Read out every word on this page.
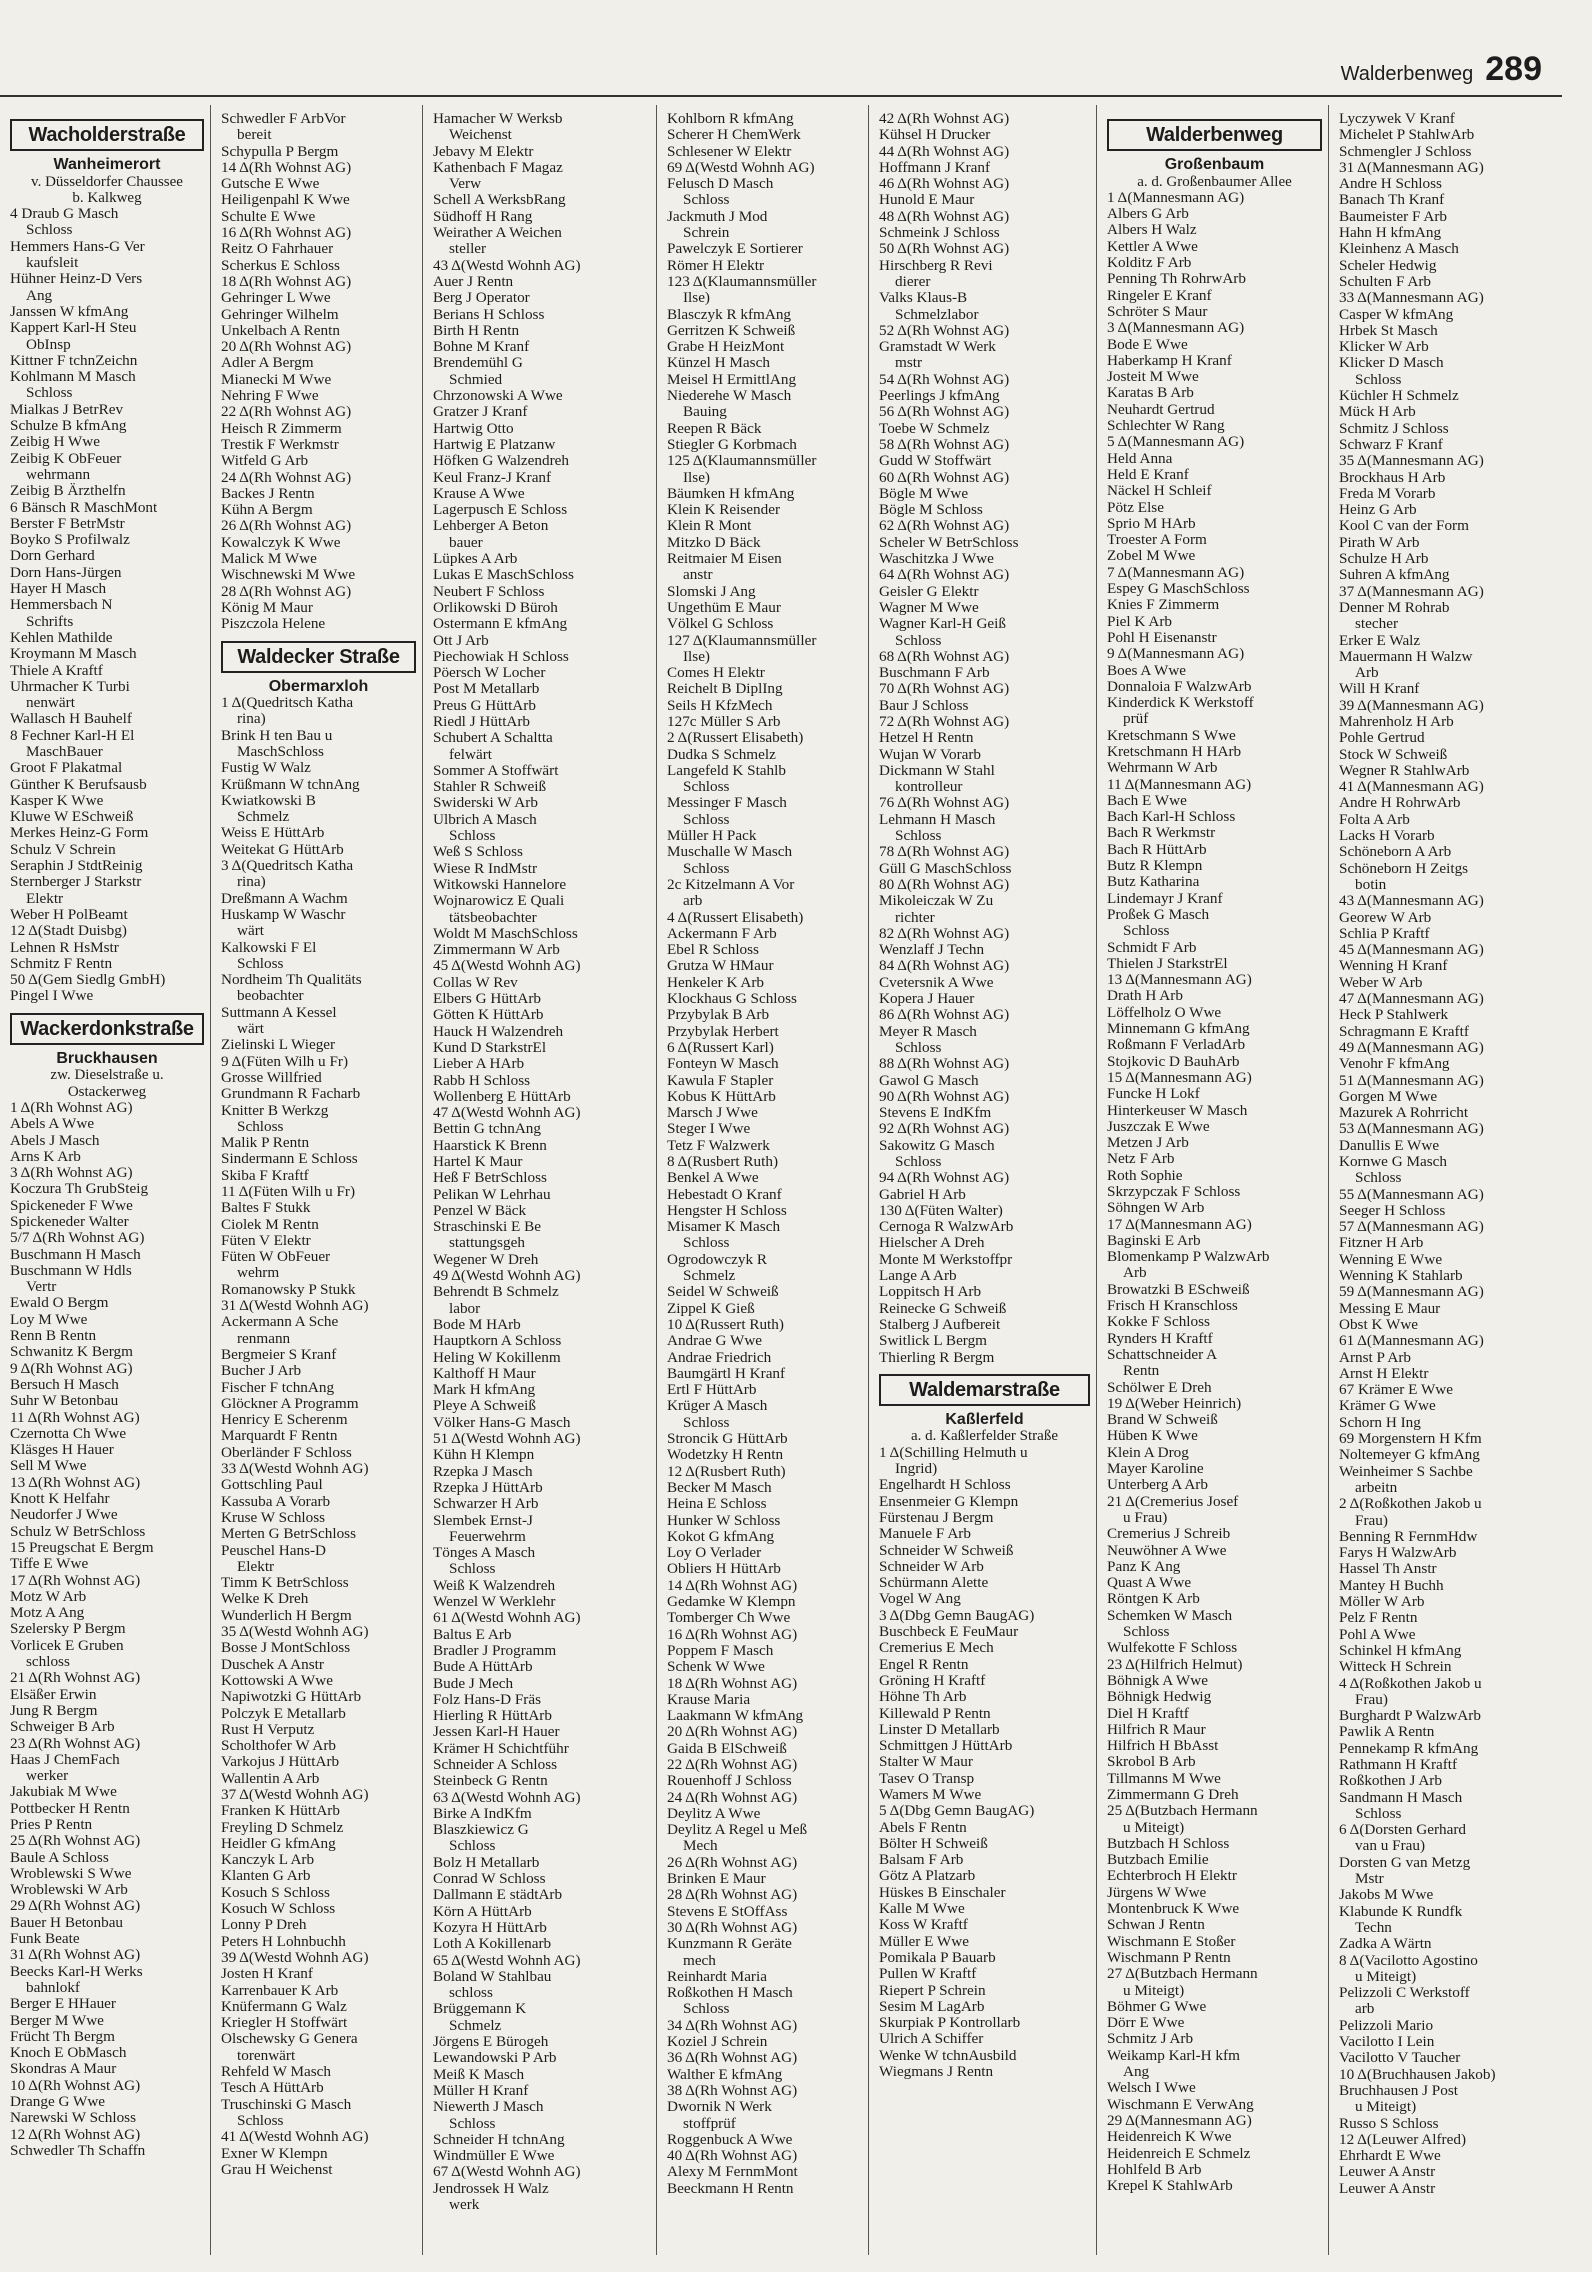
Walderbenweg 289
Wacholderstraße
Wanheimerort
v. Düsseldorfer Chaussee
b. Kalkweg
4 Draub G Masch
Schloss
Hemmers Hans-G Ver
kaufsleit
Hühner Heinz-D Vers
Ang
Janssen W kfmAng
Kappert Karl-H Steu
ObInsp
Kittner F tchnZeichn
Kohlmann M Masch
Schloss
Mialkas J BetrRev
Schulze B kfmAng
Zeibig H Wwe
Zeibig K ObFeuer
wehrmann
Zeibig B Ärzthelfn
6 Bänsch R MaschMont
Berster F BetrMstr
Boyko S Profilwalz
Dorn Gerhard
Dorn Hans-Jürgen
Hayer H Masch
Hemmersbach N
Schrifts
Kehlen Mathilde
Kroymann M Masch
Thiele A Kraftf
Uhrmacher K Turbi
nenwärt
Wallasch H Bauhelf
8 Fechner Karl-H El
MaschBauer
Groot F Plakatmal
Günther K Berufsausb
Kasper K Wwe
Kluwe W ESchweiß
Merkes Heinz-G Form
Schulz V Schrein
Seraphin J StdtReinig
Sternberger J Starkstr
Elektr
Weber H PolBeamt
12 Δ(Stadt Duisbg)
Lehnen R HsMstr
Schmitz F Rentn
50 Δ(Gem Siedlg GmbH)
Pingel I Wwe
Wackerdonkstraße
Bruckhausen
zw. Dieselstraße u.
Ostackerweg
1 Δ(Rh Wohnst AG)
Abels A Wwe
Abels J Masch
Arns K Arb
3 Δ(Rh Wohnst AG)
Koczura Th GrubSteig
Spickeneder F Wwe
Spickeneder Walter
5/7 Δ(Rh Wohnst AG)
Buschmann H Masch
Buschmann W Hdls
Vertr
Ewald O Bergm
Loy M Wwe
Renn B Rentn
Schwanitz K Bergm
9 Δ(Rh Wohnst AG)
Bersuch H Masch
Suhr W Betonbau
11 Δ(Rh Wohnst AG)
Czernotta Ch Wwe
Kläsges H Hauer
Sell M Wwe
13 Δ(Rh Wohnst AG)
Knott K Helfahr
Neudorfer J Wwe
Schulz W BetrSchloss
15 Preugschat E Bergm
Tiffe E Wwe
17 Δ(Rh Wohnst AG)
Motz W Arb
Motz A Ang
Szelersky P Bergm
Vorlicek E Gruben
schloss
21 Δ(Rh Wohnst AG)
Elsäßer Erwin
Jung R Bergm
Schweiger B Arb
23 Δ(Rh Wohnst AG)
Haas J ChemFach
werker
Jakubiak M Wwe
Pottbecker H Rentn
Pries P Rentn
25 Δ(Rh Wohnst AG)
Baule A Schloss
Wroblewski S Wwe
Wroblewski W Arb
29 Δ(Rh Wohnst AG)
Bauer H Betonbau
Funk Beate
31 Δ(Rh Wohnst AG)
Beecks Karl-H Werks
bahnlokf
Berger E HHauer
Berger M Wwe
Frücht Th Bergm
Knoch E ObMasch
Skondras A Maur
10 Δ(Rh Wohnst AG)
Drange G Wwe
Narewski W Schloss
12 Δ(Rh Wohnst AG)
Schwedler Th Schaffn
Schwedler F ArbVor
bereit
Schypulla P Bergm
14 Δ(Rh Wohnst AG)
Gutsche E Wwe
Heiligenpahl K Wwe
Schulte E Wwe
16 Δ(Rh Wohnst AG)
Reitz O Fahrhauer
Scherkus E Schloss
18 Δ(Rh Wohnst AG)
Gehringer L Wwe
Gehringer Wilhelm
Unkelbach A Rentn
20 Δ(Rh Wohnst AG)
Adler A Bergm
Mianecki M Wwe
Nehring F Wwe
22 Δ(Rh Wohnst AG)
Heisch R Zimmerm
Trestik F Werkmstr
Witfeld G Arb
24 Δ(Rh Wohnst AG)
Backes J Rentn
Kühn A Bergm
26 Δ(Rh Wohnst AG)
Kowalczyk K Wwe
Malick M Wwe
Wischnewski M Wwe
28 Δ(Rh Wohnst AG)
König M Maur
Piszczola Helene
Waldecker Straße
Obermarxloh
1 Δ(Quedritsch Katha
rina)
Brink H ten Bau u
MaschSchloss
Fustig W Walz
Krüßmann W tchnAng
Kwiatkowski B
Schmelz
Weiss E HüttArb
Weitekat G HüttArb
3 Δ(Quedritsch Katha
rina)
Dreßmann A Wachm
Huskamp W Waschr
wärt
Kalkowski F El
Schloss
Nordheim Th Qualitäts
beobachter
Suttmann A Kessel
wärt
Zielinski L Wieger
9 Δ(Füten Wilh u Fr)
Grosse Willfried
Grundmann R Facharb
Knitter B Werkzg
Schloss
Malik P Rentn
Sindermann E Schloss
Skiba F Kraftf
11 Δ(Füten Wilh u Fr)
Baltes F Stukk
Ciolek M Rentn
Füten V Elektr
Füten W ObFeuer
wehrm
Romanowsky P Stukk
31 Δ(Westd Wohnh AG)
Ackermann A Sche
renmann
Bergmeier S Kranf
Bucher J Arb
Fischer F tchnAng
Glöckner A Programm
Henricy E Scherenm
Marquardt F Rentn
Oberländer F Schloss
33 Δ(Westd Wohnh AG)
Gottschling Paul
Kassuba A Vorarb
Kruse W Schloss
Merten G BetrSchloss
Peuschel Hans-D
Elektr
Timm K BetrSchloss
Welke K Dreh
Wunderlich H Bergm
35 Δ(Westd Wohnh AG)
Bosse J MontSchloss
Duschek A Anstr
Kottowski A Wwe
Napiwotzki G HüttArb
Polczyk E Metallarb
Rust H Verputz
Scholthofer W Arb
Varkojus J HüttArb
Wallentin A Arb
37 Δ(Westd Wohnh AG)
Franken K HüttArb
Freyling D Schmelz
Heidler G kfmAng
Kanczyk L Arb
Klanten G Arb
Kosuch S Schloss
Kosuch W Schloss
Lonny P Dreh
Peters H Lohnbuchh
39 Δ(Westd Wohnh AG)
Josten H Kranf
Karrenbauer K Arb
Knüfermann G Walz
Kriegler H Stoffwärt
Olschewsky G Genera
torenwärt
Rehfeld W Masch
Tesch A HüttArb
Truschinski G Masch
Schloss
41 Δ(Westd Wohnh AG)
Exner W Klempn
Grau H Weichenst
Hamacher W Werksb
Weichenst
Jebavy M Elektr
Kathenbach F Magaz
Verw
Schell A WerksbRang
Südhoff H Rang
Weirather A Weichen
steller
43 Δ(Westd Wohnh AG)
Auer J Rentn
Berg J Operator
Berians H Schloss
Birth H Rentn
Bohne M Kranf
Brendemühl G
Schmied
Chrzonowski A Wwe
Gratzer J Kranf
Hartwig Otto
Hartwig E Platzanw
Höfken G Walzendreh
Keul Franz-J Kranf
Krause A Wwe
Lagerpusch E Schloss
Lehberger A Beton
bauer
Lüpkes A Arb
Lukas E MaschSchloss
Neubert F Schloss
Orlikowski D Büroh
Ostermann E kfmAng
Ott J Arb
Piechowiak H Schloss
Pöersch W Locher
Post M Metallarb
Preus G HüttArb
Riedl J HüttArb
Schubert A Schaltta
felwärt
Sommer A Stoffwärt
Stahler R Schweiß
Swiderski W Arb
Ulbrich A Masch
Schloss
Weß S Schloss
Wiese R IndMstr
Witkowski Hannelore
Wojnarowicz E Quali
tätsbeobachter
Woldt M MaschSchloss
Zimmermann W Arb
45 Δ(Westd Wohnh AG)
Collas W Rev
Elbers G HüttArb
Götten K HüttArb
Hauck H Walzendreh
Kund D StarkstrEl
Lieber A HArb
Rabb H Schloss
Wollenberg E HüttArb
47 Δ(Westd Wohnh AG)
Bettin G tchnAng
Haarstick K Brenn
Hartel K Maur
Heß F BetrSchloss
Pelikan W Lehrhau
Penzel W Bäck
Straschinski E Be
stattungsgeh
Wegener W Dreh
49 Δ(Westd Wohnh AG)
Behrendt B Schmelz
labor
Bode M HArb
Hauptkorn A Schloss
Heling W Kokillenm
Kalthoff H Maur
Mark H kfmAng
Pleye A Schweiß
Völker Hans-G Masch
51 Δ(Westd Wohnh AG)
Kühn H Klempn
Rzepka J Masch
Rzepka J HüttArb
Schwarzer H Arb
Slembek Ernst-J
Feuerwehrm
Tönges A Masch
Schloss
Weiß K Walzendreh
Wenzel W Werklehr
61 Δ(Westd Wohnh AG)
Baltus E Arb
Bradler J Programm
Bude A HüttArb
Bude J Mech
Folz Hans-D Fräs
Hierling R HüttArb
Jessen Karl-H Hauer
Krämer H Schichtführ
Schneider A Schloss
Steinbeck G Rentn
63 Δ(Westd Wohnh AG)
Birke A IndKfm
Blaszkiewicz G
Schloss
Bolz H Metallarb
Conrad W Schloss
Dallmann E städtArb
Körn A HüttArb
Kozyra H HüttArb
Loth A Kokillenarb
65 Δ(Westd Wohnh AG)
Boland W Stahlbau
schloss
Brüggemann K
Schmelz
Jörgens E Bürogeh
Lewandowski P Arb
Meiß K Masch
Müller H Kranf
Niewerth J Masch
Schloss
Schneider H tchnAng
Windmüller E Wwe
67 Δ(Westd Wohnh AG)
Jendrossek H Walz
werk
Kohlborn R kfmAng
Scherer H ChemWerk
Schlesener W Elektr
69 Δ(Westd Wohnh AG)
Felusch D Masch
Schloss
Jackmuth J Mod
Schrein
Pawelczyk E Sortierer
Römer H Elektr
123 Δ(Klaumannsmüller
Ilse)
Blasczyk R kfmAng
Gerritzen K Schweiß
Grabe H HeizMont
Künzel H Masch
Meisel H ErmittlAng
Niederehe W Masch
Bauing
Reepen R Bäck
Stiegler G Korbmach
125 Δ(Klaumannsmüller
Ilse)
Bäumken H kfmAng
Klein K Reisender
Klein R Mont
Mitzko D Bäck
Reitmaier M Eisen
anstr
Slomski J Ang
Ungethüm E Maur
Völkel G Schloss
127 Δ(Klaumannsmüller
Ilse)
Comes H Elektr
Reichelt B DiplIng
Seils H KfzMech
127c Müller S Arb
2 Δ(Russert Elisabeth)
Dudka S Schmelz
Langefeld K Stahlb
Schloss
Messinger F Masch
Schloss
Müller H Pack
Muschalle W Masch
Schloss
2c Kitzelmann A Vor
arb
4 Δ(Russert Elisabeth)
Ackermann F Arb
Ebel R Schloss
Grutza W HMaur
Henkeler K Arb
Klockhaus G Schloss
Przybylak B Arb
Przybylak Herbert
6 Δ(Russert Karl)
Fonteyn W Masch
Kawula F Stapler
Kobus K HüttArb
Marsch J Wwe
Steger I Wwe
Tetz F Walzwerk
8 Δ(Rusbert Ruth)
Benkel A Wwe
Hebestadt O Kranf
Hengster H Schloss
Misamer K Masch
Schloss
Ogrodowczyk R
Schmelz
Seidel W Schweiß
Zippel K Gieß
10 Δ(Russert Ruth)
Andrae G Wwe
Andrae Friedrich
Baumgärtl H Kranf
Ertl F HüttArb
Krüger A Masch
Schloss
Stroncik G HüttArb
Wodetzky H Rentn
12 Δ(Rusbert Ruth)
Becker M Masch
Heina E Schloss
Hunker W Schloss
Kokot G kfmAng
Loy O Verlader
Obliers H HüttArb
14 Δ(Rh Wohnst AG)
Gedamke W Klempn
Tomberger Ch Wwe
16 Δ(Rh Wohnst AG)
Poppem F Masch
Schenk W Wwe
18 Δ(Rh Wohnst AG)
Krause Maria
Laakmann W kfmAng
20 Δ(Rh Wohnst AG)
Gaida B ElSchweiß
22 Δ(Rh Wohnst AG)
Rouenhoff J Schloss
24 Δ(Rh Wohnst AG)
Deylitz A Wwe
Deylitz A Regel u Meß
Mech
26 Δ(Rh Wohnst AG)
Brinken E Maur
28 Δ(Rh Wohnst AG)
Stevens E StOffAss
30 Δ(Rh Wohnst AG)
Kunzmann R Geräte
mech
Reinhardt Maria
Roßkothen H Masch
Schloss
34 Δ(Rh Wohnst AG)
Koziel J Schrein
36 Δ(Rh Wohnst AG)
Walther E kfmAng
38 Δ(Rh Wohnst AG)
Dwornik N Werk
stoffprüf
Roggenbuck A Wwe
40 Δ(Rh Wohnst AG)
Alexy M FernmMont
Beeckmann H Rentn
42 Δ(Rh Wohnst AG)
Kühsel H Drucker
44 Δ(Rh Wohnst AG)
Hoffmann J Kranf
46 Δ(Rh Wohnst AG)
Hunold E Maur
48 Δ(Rh Wohnst AG)
Schmeink J Schloss
50 Δ(Rh Wohnst AG)
Hirschberg R Revi
dierer
Valks Klaus-B
Schmelzlabor
52 Δ(Rh Wohnst AG)
Gramstadt W Werk
mstr
54 Δ(Rh Wohnst AG)
Peerlings J kfmAng
56 Δ(Rh Wohnst AG)
Toebe W Schmelz
58 Δ(Rh Wohnst AG)
Gudd W Stoffwärt
60 Δ(Rh Wohnst AG)
Bögle M Wwe
Bögle M Schloss
62 Δ(Rh Wohnst AG)
Scheler W BetrSchloss
Waschitzka J Wwe
64 Δ(Rh Wohnst AG)
Geisler G Elektr
Wagner M Wwe
Wagner Karl-H Geiß
Schloss
68 Δ(Rh Wohnst AG)
Buschmann F Arb
70 Δ(Rh Wohnst AG)
Baur J Schloss
72 Δ(Rh Wohnst AG)
Hetzel H Rentn
Wujan W Vorarb
Dickmann W Stahl
kontrolleur
76 Δ(Rh Wohnst AG)
Lehmann H Masch
Schloss
78 Δ(Rh Wohnst AG)
Güll G MaschSchloss
80 Δ(Rh Wohnst AG)
Mikoleiczak W Zu
richter
82 Δ(Rh Wohnst AG)
Wenzlaff J Techn
84 Δ(Rh Wohnst AG)
Cvetersnik A Wwe
Kopera J Hauer
86 Δ(Rh Wohnst AG)
Meyer R Masch
Schloss
88 Δ(Rh Wohnst AG)
Gawol G Masch
90 Δ(Rh Wohnst AG)
Stevens E IndKfm
92 Δ(Rh Wohnst AG)
Sakowitz G Masch
Schloss
94 Δ(Rh Wohnst AG)
Gabriel H Arb
130 Δ(Füten Walter)
Cernoga R WalzwArb
Hielscher A Dreh
Monte M Werkstoffpr
Lange A Arb
Loppitsch H Arb
Reinecke G Schweiß
Stalberg J Aufbereit
Switlick L Bergm
Thierling R Bergm
Waldemarstraße
Kaßlerfeld
a. d. Kaßlerfelder Straße
1 Δ(Schilling Helmuth u
Ingrid)
Engelhardt H Schloss
Ensenmeier G Klempn
Fürstenau J Bergm
Manuele F Arb
Schneider W Schweiß
Schneider W Arb
Schürmann Alette
Vogel W Ang
3 Δ(Dbg Gemn BaugAG)
Buschbeck E FeuMaur
Cremerius E Mech
Engel R Rentn
Gröning H Kraftf
Höhne Th Arb
Killewald P Rentn
Linster D Metallarb
Schmittgen J HüttArb
Stalter W Maur
Tasev O Transp
Wamers M Wwe
5 Δ(Dbg Gemn BaugAG)
Abels F Rentn
Bölter H Schweiß
Balsam F Arb
Götz A Platzarb
Hüskes B Einschaler
Kalle M Wwe
Koss W Kraftf
Müller E Wwe
Pomikala P Bauarb
Pullen W Kraftf
Riepert P Schrein
Sesim M LagArb
Skurpiak P Kontrollarb
Ulrich A Schiffer
Wenke W tchnAusbild
Wiegmans J Rentn
Walderbenweg
Großenbaum
a. d. Großenbaumer Allee
1 Δ(Mannesmann AG)
Albers G Arb
Albers H Walz
Kettler A Wwe
Kolditz F Arb
Penning Th RohrwArb
Ringeler E Kranf
Schröter S Maur
3 Δ(Mannesmann AG)
Bode E Wwe
Haberkamp H Kranf
Josteit M Wwe
Karatas B Arb
Neuhardt Gertrud
Schlechter W Rang
5 Δ(Mannesmann AG)
Held Anna
Held E Kranf
Näckel H Schleif
Pötz Else
Sprio M HArb
Troester A Form
Zobel M Wwe
7 Δ(Mannesmann AG)
Espey G MaschSchloss
Knies F Zimmerm
Piel K Arb
Pohl H Eisenanstr
9 Δ(Mannesmann AG)
Boes A Wwe
Donnaloia F WalzwArb
Kinderdick K Werkstoff
prüf
Kretschmann S Wwe
Kretschmann H HArb
Wehrmann W Arb
11 Δ(Mannesmann AG)
Bach E Wwe
Bach Karl-H Schloss
Bach R Werkmstr
Bach R HüttArb
Butz R Klempn
Butz Katharina
Lindemayr J Kranf
Proßek G Masch
Schloss
Schmidt F Arb
Thielen J StarkstrEl
13 Δ(Mannesmann AG)
Drath H Arb
Löffelholz O Wwe
Minnemann G kfmAng
Roßmann F VerladArb
Stojkovic D BauhArb
15 Δ(Mannesmann AG)
Funcke H Lokf
Hinterkeuser W Masch
Juszczak E Wwe
Metzen J Arb
Netz F Arb
Roth Sophie
Skrzypczak F Schloss
Söhngen W Arb
17 Δ(Mannesmann AG)
Baginski E Arb
Blomenkamp P WalzwArb
Arb
Browatzki B ESchweiß
Frisch H Kranschloss
Kokke F Schloss
Rynders H Kraftf
Schattschneider A
Rentn
Schölwer E Dreh
19 Δ(Weber Heinrich)
Brand W Schweiß
Hüben K Wwe
Klein A Drog
Mayer Karoline
Unterberg A Arb
21 Δ(Cremerius Josef
u Frau)
Cremerius J Schreib
Neuwöhner A Wwe
Panz K Ang
Quast A Wwe
Röntgen K Arb
Schemken W Masch
Schloss
Wulfekotte F Schloss
23 Δ(Hilfrich Helmut)
Böhnigk A Wwe
Böhnigk Hedwig
Diel H Kraftf
Hilfrich R Maur
Hilfrich H BbAsst
Skrobol B Arb
Tillmanns M Wwe
Zimmermann G Dreh
25 Δ(Butzbach Hermann
u Miteigt)
Butzbach H Schloss
Butzbach Emilie
Echterbroch H Elektr
Jürgens W Wwe
Montenbruck K Wwe
Schwan J Rentn
Wischmann E Stoßer
Wischmann P Rentn
27 Δ(Butzbach Hermann
u Miteigt)
Böhmer G Wwe
Dörr E Wwe
Schmitz J Arb
Weikamp Karl-H kfm
Ang
Welsch I Wwe
Wischmann E VerwAng
29 Δ(Mannesmann AG)
Heidenreich K Wwe
Heidenreich E Schmelz
Hohlfeld B Arb
Krepel K StahlwArb
Lyczywek V Kranf
Michelet P StahlwArb
Schmengler J Schloss
31 Δ(Mannesmann AG)
Andre H Schloss
Banach Th Kranf
Baumeister F Arb
Hahn H kfmAng
Kleinhenz A Masch
Scheler Hedwig
Schulten F Arb
33 Δ(Mannesmann AG)
Casper W kfmAng
Hrbek St Masch
Klicker W Arb
Klicker D Masch
Schloss
Küchler H Schmelz
Mück H Arb
Schmitz J Schloss
Schwarz F Kranf
35 Δ(Mannesmann AG)
Brockhaus H Arb
Freda M Vorarb
Heinz G Arb
Kool C van der Form
Pirath W Arb
Schulze H Arb
Suhren A kfmAng
37 Δ(Mannesmann AG)
Denner M Rohrab
stecher
Erker E Walz
Mauermann H Walzw
Arb
Will H Kranf
39 Δ(Mannesmann AG)
Mahrenholz H Arb
Pohle Gertrud
Stock W Schweiß
Wegner R StahlwArb
41 Δ(Mannesmann AG)
Andre H RohrwArb
Folta A Arb
Lacks H Vorarb
Schöneborn A Arb
Schöneborn H Zeitgs
botin
43 Δ(Mannesmann AG)
Georew W Arb
Schlia P Kraftf
45 Δ(Mannesmann AG)
Wenning H Kranf
Weber W Arb
47 Δ(Mannesmann AG)
Heck P Stahlwerk
Schragmann E Kraftf
49 Δ(Mannesmann AG)
Venohr F kfmAng
51 Δ(Mannesmann AG)
Gorgen M Wwe
Mazurek A Rohrricht
53 Δ(Mannesmann AG)
Danullis E Wwe
Kornwe G Masch
Schloss
55 Δ(Mannesmann AG)
Seeger H Schloss
57 Δ(Mannesmann AG)
Fitzner H Arb
Wenning E Wwe
Wenning K Stahlarb
59 Δ(Mannesmann AG)
Messing E Maur
Obst K Wwe
61 Δ(Mannesmann AG)
Arnst P Arb
Arnst H Elektr
67 Krämer E Wwe
Krämer G Wwe
Schorn H Ing
69 Morgenstern H Kfm
Noltemeyer G kfmAng
Weinheimer S Sachbe
arbeitn
2 Δ(Roßkothen Jakob u
Frau)
Benning R FernmHdw
Farys H WalzwArb
Hassel Th Anstr
Mantey H Buchh
Möller W Arb
Pelz F Rentn
Pohl A Wwe
Schinkel H kfmAng
Witteck H Schrein
4 Δ(Roßkothen Jakob u
Frau)
Burghardt P WalzwArb
Pawlik A Rentn
Pennekamp R kfmAng
Rathmann H Kraftf
Roßkothen J Arb
Sandmann H Masch
Schloss
6 Δ(Dorsten Gerhard
van u Frau)
Dorsten G van Metzg
Mstr
Jakobs M Wwe
Klabunde K Rundfk
Techn
Zadka A Wärtn
8 Δ(Vacilotto Agostino
u Miteigt)
Pelizzoli C Werkstoff
arb
Pelizzoli Mario
Vacilotto I Lein
Vacilotto V Taucher
10 Δ(Bruchhausen Jakob)
Bruchhausen J Post
u Miteigt)
Russo S Schloss
12 Δ(Leuwer Alfred)
Ehrhardt E Wwe
Leuwer A Anstr
Leuwer A Anstr
